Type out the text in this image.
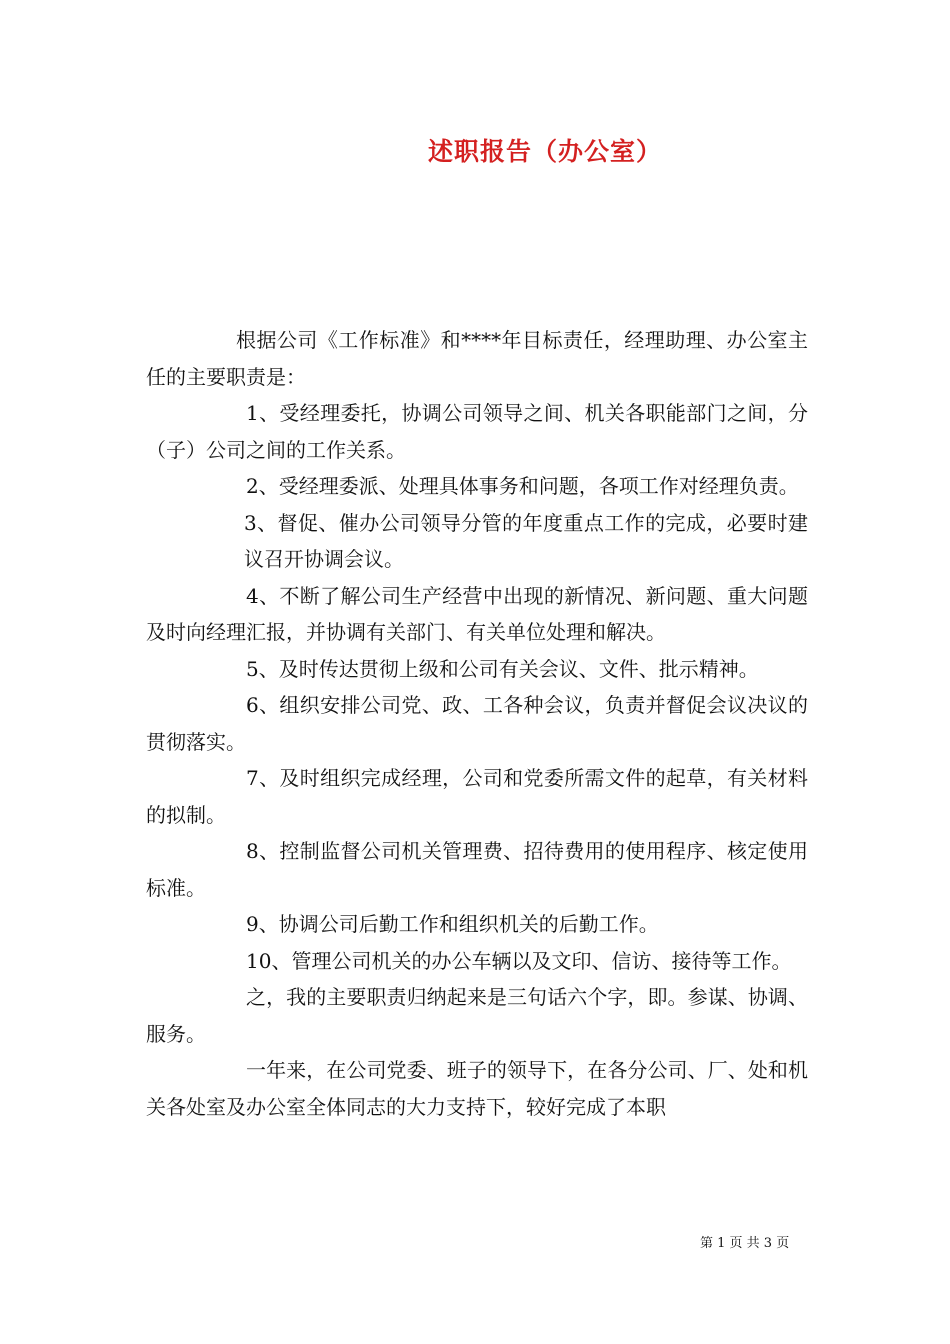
述职报告（办公室）

根据公司《工作标准》和****年目标责任，经理助理、办公室主任的主要职责是：

1、受经理委托，协调公司领导之间、机关各职能部门之间，分（子）公司之间的工作关系。

2、受经理委派、处理具体事务和问题，各项工作对经理负责。

3、督促、催办公司领导分管的年度重点工作的完成，必要时建议召开协调会议。

4、不断了解公司生产经营中出现的新情况、新问题、重大问题及时向经理汇报，并协调有关部门、有关单位处理和解决。

5、及时传达贯彻上级和公司有关会议、文件、批示精神。

6、组织安排公司党、政、工各种会议，负责并督促会议决议的贯彻落实。

7、及时组织完成经理，公司和党委所需文件的起草，有关材料的拟制。

8、控制监督公司机关管理费、招待费用的使用程序、核定使用标准。

9、协调公司后勤工作和组织机关的后勤工作。

10、管理公司机关的办公车辆以及文印、信访、接待等工作。

之，我的主要职责归纳起来是三句话六个字，即。参谋、协调、服务。

一年来，在公司党委、班子的领导下，在各分公司、厂、处和机关各处室及办公室全体同志的大力支持下，较好完成了本职

第 1 页 共 3 页
